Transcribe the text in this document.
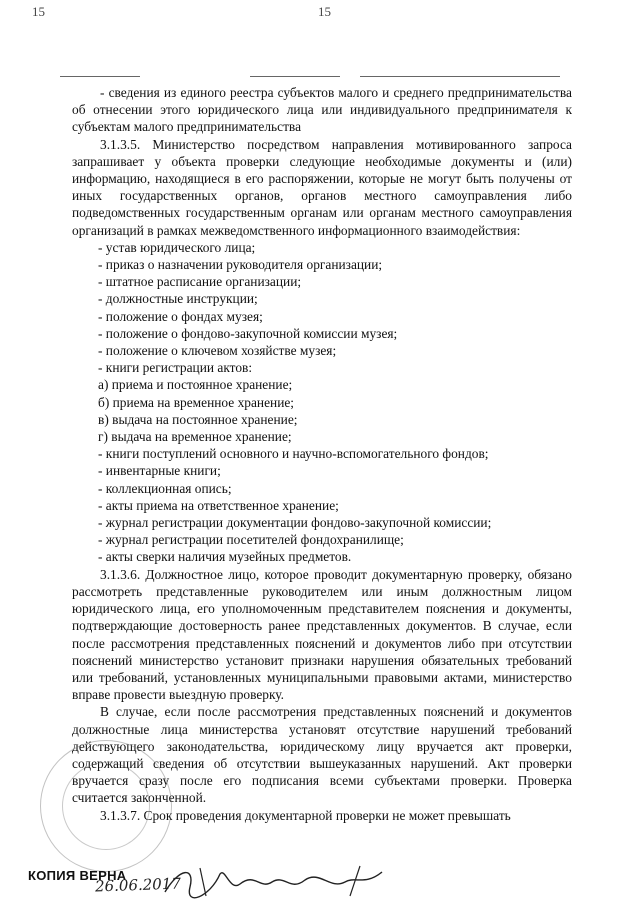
15	15

- сведения из единого реестра субъектов малого и среднего предпринимательства об отнесении этого юридического лица или индивидуального предпринимателя к субъектам малого предпринимательства

3.1.3.5. Министерство посредством направления мотивированного запроса запрашивает у объекта проверки следующие необходимые документы и (или) информацию, находящиеся в его распоряжении, которые не могут быть получены от иных государственных органов, органов местного самоуправления либо подведомственных государственным органам или органам местного самоуправления организаций в рамках межведомственного информационного взаимодействия:

- устав юридического лица;

- приказ о назначении руководителя организации;

- штатное расписание организации;

- должностные инструкции;

- положение о фондах музея;

- положение о фондово-закупочной комиссии музея;

- положение о ключевом хозяйстве музея;

- книги регистрации актов:

а) приема и постоянное хранение;

б) приема на временное хранение;

в) выдача на постоянное хранение;

г) выдача на временное хранение;

- книги поступлений основного и научно-вспомогательного фондов;

- инвентарные книги;

- коллекционная опись;

- акты приема на ответственное хранение;

- журнал регистрации документации фондово-закупочной комиссии;

- журнал регистрации посетителей фондохранилище;

- акты сверки наличия музейных предметов.

3.1.3.6. Должностное лицо, которое проводит документарную проверку, обязано рассмотреть представленные руководителем или иным должностным лицом юридического лица, его уполномоченным представителем пояснения и документы, подтверждающие достоверность ранее представленных документов. В случае, если после рассмотрения представленных пояснений и документов либо при отсутствии пояснений министерство установит признаки нарушения обязательных требований или требований, установленных муниципальными правовыми актами, министерство вправе провести выездную проверку.

В случае, если после рассмотрения представленных пояснений и документов должностные лица министерства установят отсутствие нарушений требований действующего законодательства, юридическому лицу вручается акт проверки, содержащий сведения об отсутствии вышеуказанных нарушений. Акт проверки вручается сразу после его подписания всеми субъектами проверки. Проверка считается законченной.

3.1.3.7. Срок проведения документарной проверки не может превышать

КОПИЯ ВЕРНА
26.06.2017
